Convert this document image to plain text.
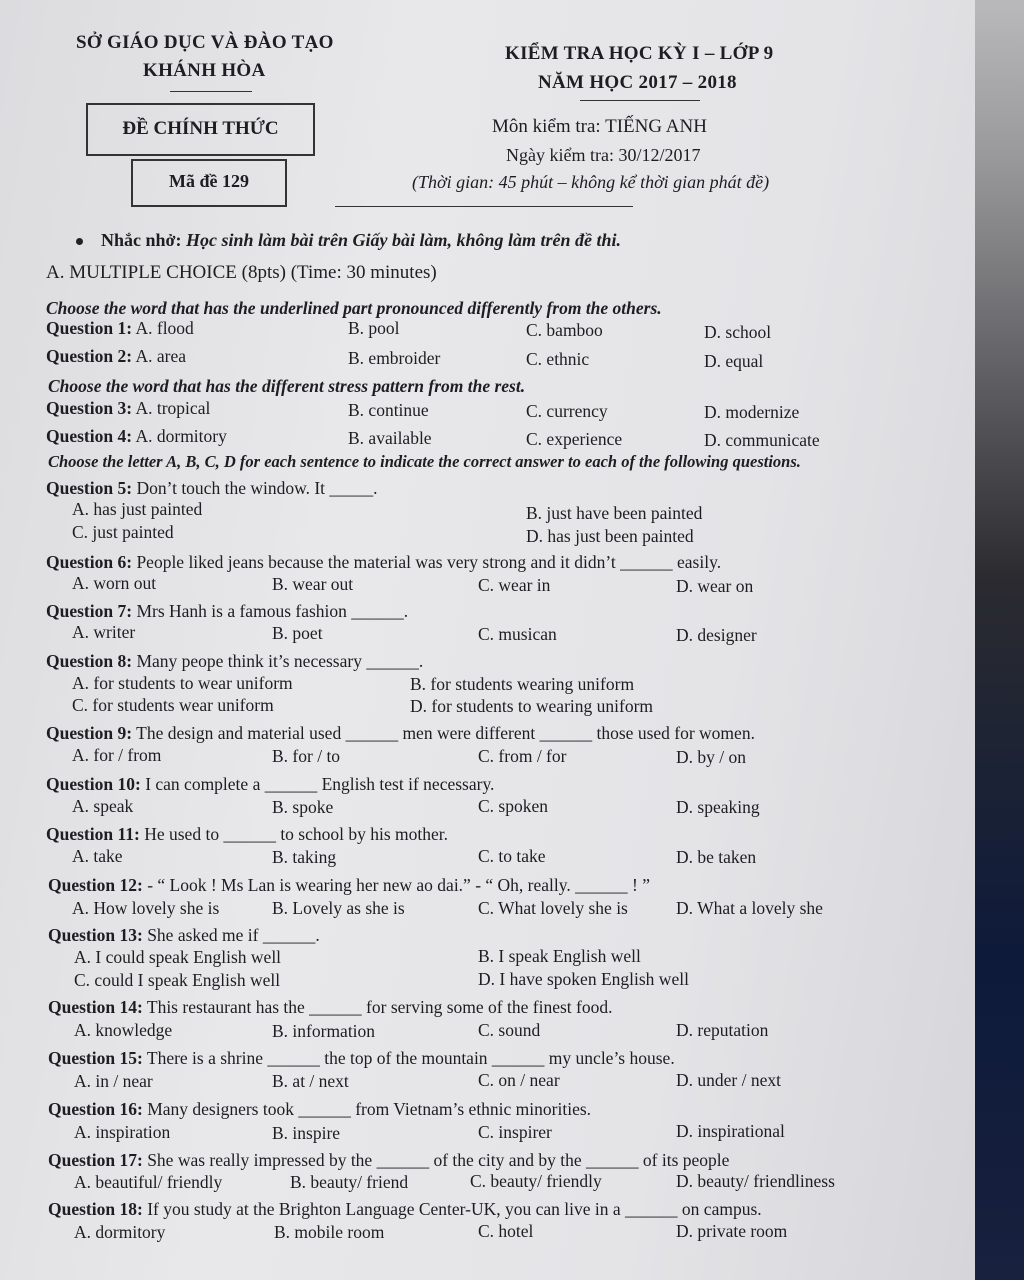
SỞ GIÁO DỤC VÀ ĐÀO TẠO
KHÁNH HÒA
KIỂM TRA HỌC KỲ I – LỚP 9
NĂM HỌC 2017 – 2018
ĐỀ CHÍNH THỨC
Mã đề 129
Môn kiểm tra: TIẾNG ANH
Ngày kiểm tra: 30/12/2017
(Thời gian: 45 phút – không kể thời gian phát đề)
Nhắc nhở: Học sinh làm bài trên Giấy bài làm, không làm trên đề thi.
A. MULTIPLE CHOICE (8pts) (Time: 30 minutes)
Choose the word that has the underlined part pronounced differently from the others.
Question 1: A. flood	B. pool	C. bamboo	D. school
Question 2: A. area	B. embroider	C. ethnic	D. equal
Choose the word that has the different stress pattern from the rest.
Question 3: A. tropical	B. continue	C. currency	D. modernize
Question 4: A. dormitory	B. available	C. experience	D. communicate
Choose the letter A, B, C, D for each sentence to indicate the correct answer to each of the following questions.
Question 5: Don’t touch the window. It _____.
A. has just painted	B. just have been painted
C. just painted	D. has just been painted
Question 6: People liked jeans because the material was very strong and it didn’t ______ easily.
A. worn out	B. wear out	C. wear in	D. wear on
Question 7: Mrs Hanh is a famous fashion ______.
A. writer	B. poet	C. musican	D. designer
Question 8: Many peope think it’s necessary ______.
A. for students to wear uniform	B. for students wearing uniform
C. for students wear uniform	D. for students to wearing uniform
Question 9: The design and material used ______ men were different ______ those used for women.
A. for / from	B. for / to	C. from / for	D. by / on
Question 10: I can complete a ______ English test if necessary.
A. speak	B. spoke	C. spoken	D. speaking
Question 11: He used to ______ to school by his mother.
A. take	B. taking	C. to take	D. be taken
Question 12: - “ Look ! Ms Lan is wearing her new ao dai.” - “ Oh, really. ______ ! ”
A. How lovely she is	B. Lovely as she is	C. What lovely she is	D. What a lovely she
Question 13: She asked me if ______.
A. I could speak English well	B. I speak English well
C. could I speak English well	D. I have spoken English well
Question 14: This restaurant has the ______ for serving some of the finest food.
A. knowledge	B. information	C. sound	D. reputation
Question 15: There is a shrine ______ the top of the mountain ______ my uncle’s house.
A. in / near	B. at / next	C. on / near	D. under / next
Question 16: Many designers took ______ from Vietnam’s ethnic minorities.
A. inspiration	B. inspire	C. inspirer	D. inspirational
Question 17: She was really impressed by the ______ of the city and by the ______ of its people
A. beautiful/ friendly	B. beauty/ friend	C. beauty/ friendly	D. beauty/ friendliness
Question 18: If you study at the Brighton Language Center-UK, you can live in a ______ on campus.
A. dormitory	B. mobile room	C. hotel	D. private room
